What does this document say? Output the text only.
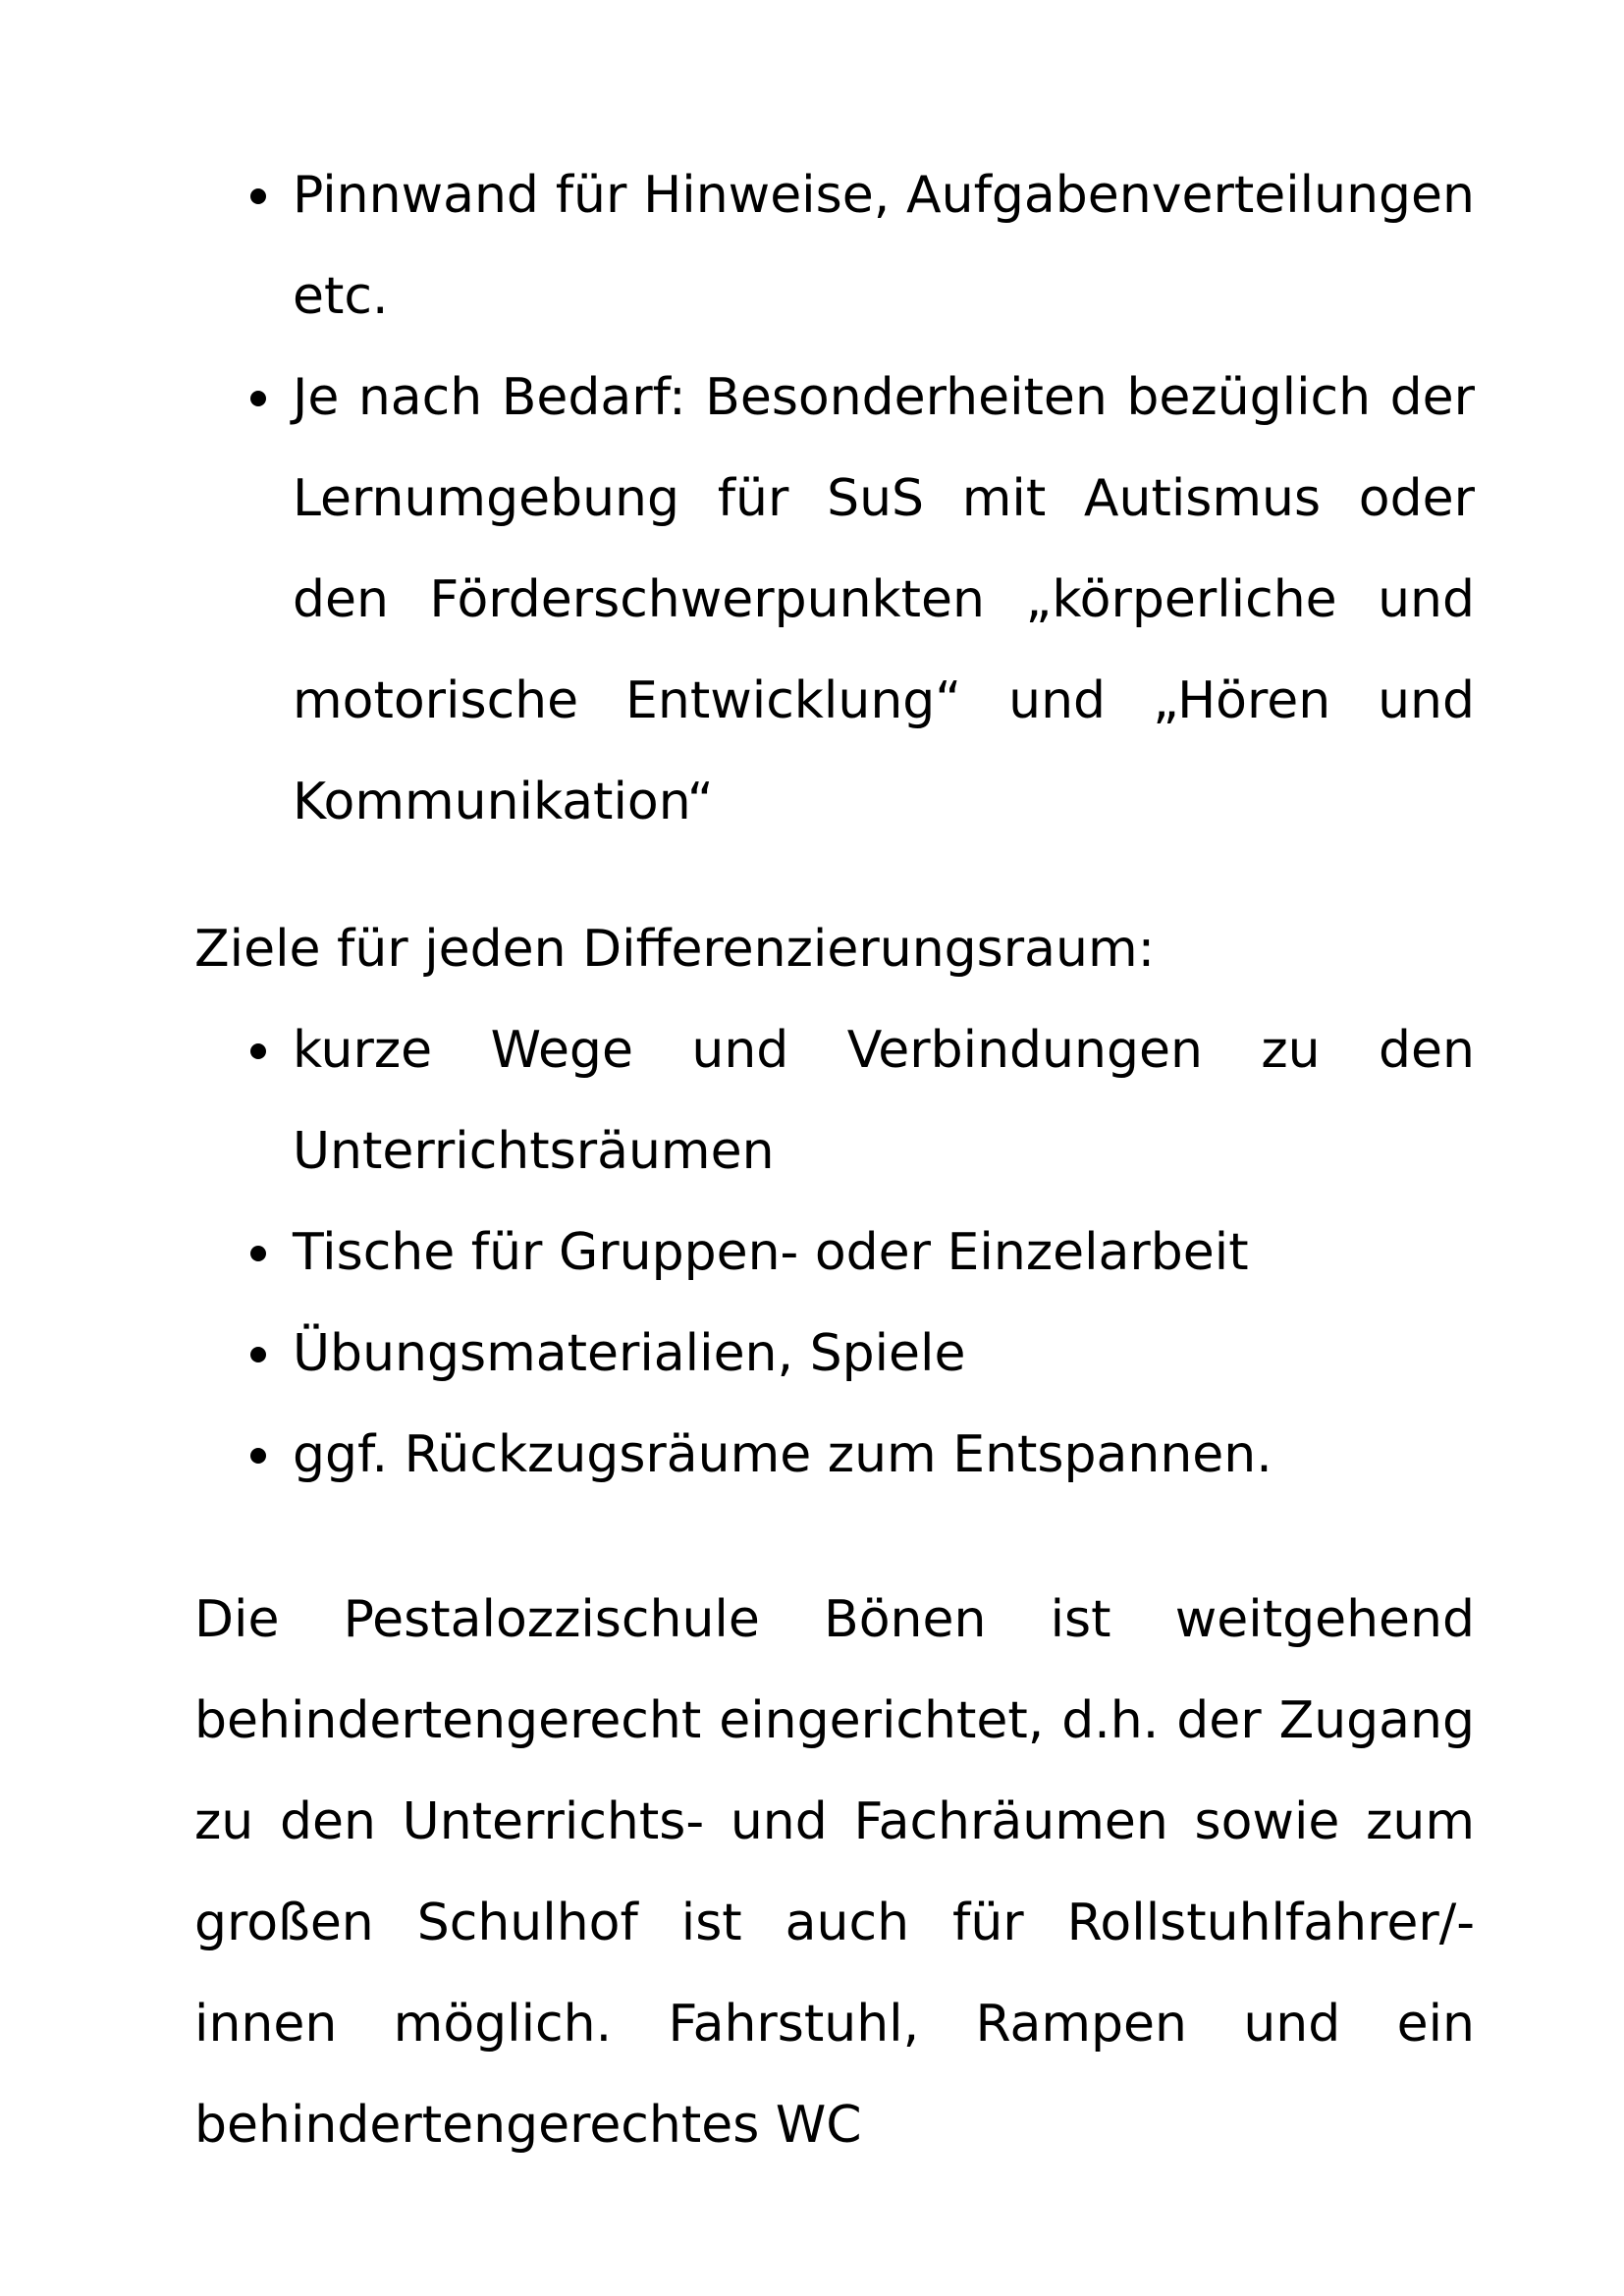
Pinnwand für Hinweise, Aufgabenverteilungen etc.
Je nach Bedarf: Besonderheiten bezüglich der Lernumgebung für SuS mit Autismus oder den Förderschwerpunkten „körperliche und motorische Entwicklung“ und „Hören und Kommunikation“

Ziele für jeden Differenzierungsraum:

kurze Wege und Verbindungen zu den Unterrichtsräumen
Tische für Gruppen- oder Einzelarbeit
Übungsmaterialien, Spiele
ggf. Rückzugsräume zum Entspannen.

Die Pestalozzischule Bönen ist weitgehend behindertengerecht eingerichtet, d.h. der Zugang zu den Unterrichts- und Fachräumen sowie zum großen Schulhof ist auch für Rollstuhlfahrer/-innen möglich. Fahrstuhl, Rampen und ein behindertengerechtes WC
